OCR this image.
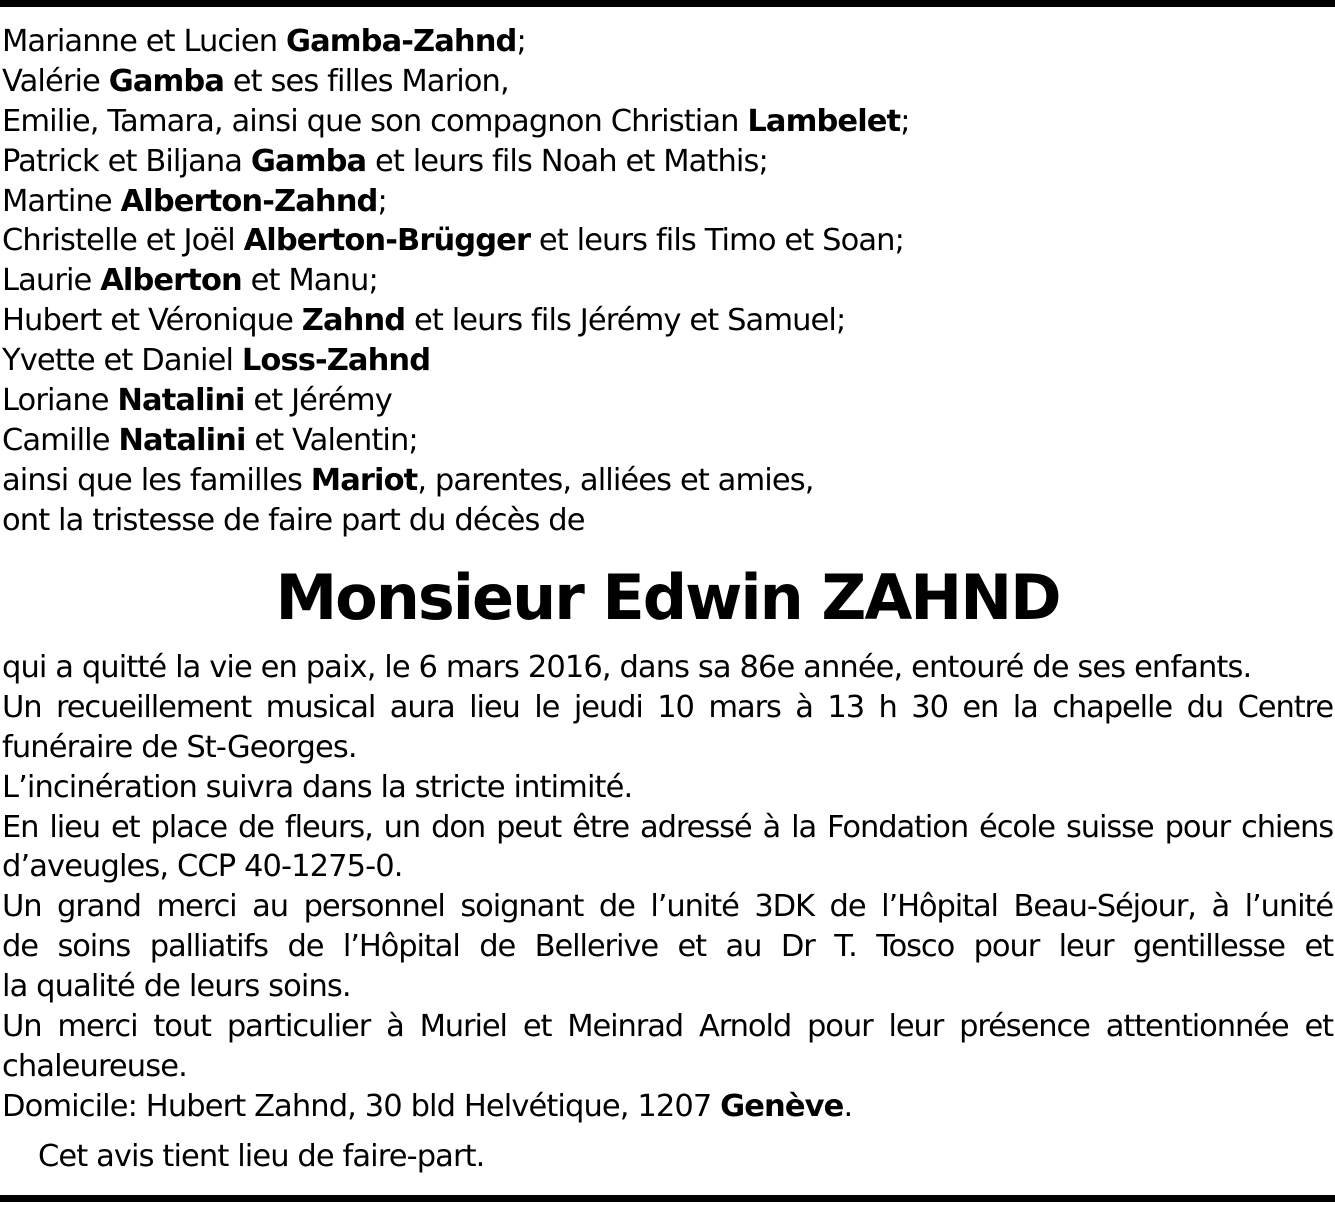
Marianne et Lucien Gamba-Zahnd;
Valérie Gamba et ses filles Marion,
Emilie, Tamara, ainsi que son compagnon Christian Lambelet;
Patrick et Biljana Gamba et leurs fils Noah et Mathis;
Martine Alberton-Zahnd;
Christelle et Joël Alberton-Brügger et leurs fils Timo et Soan;
Laurie Alberton et Manu;
Hubert et Véronique Zahnd et leurs fils Jérémy et Samuel;
Yvette et Daniel Loss-Zahnd
Loriane Natalini et Jérémy
Camille Natalini et Valentin;
ainsi que les familles Mariot, parentes, alliées et amies,
ont la tristesse de faire part du décès de
Monsieur Edwin ZAHND
qui a quitté la vie en paix, le 6 mars 2016, dans sa 86e année, entouré de ses enfants.
Un recueillement musical aura lieu le jeudi 10 mars à 13 h 30 en la chapelle du Centre
funéraire de St-Georges.
L’incinération suivra dans la stricte intimité.
En lieu et place de fleurs, un don peut être adressé à la Fondation école suisse pour chiens
d’aveugles, CCP 40-1275-0.
Un grand merci au personnel soignant de l’unité 3DK de l’Hôpital Beau-Séjour, à l’unité
de soins palliatifs de l’Hôpital de Bellerive et au Dr T. Tosco pour leur gentillesse et
la qualité de leurs soins.
Un merci tout particulier à Muriel et Meinrad Arnold pour leur présence attentionnée et
chaleureuse.
Domicile: Hubert Zahnd, 30 bld Helvétique, 1207 Genève.
Cet avis tient lieu de faire-part.
